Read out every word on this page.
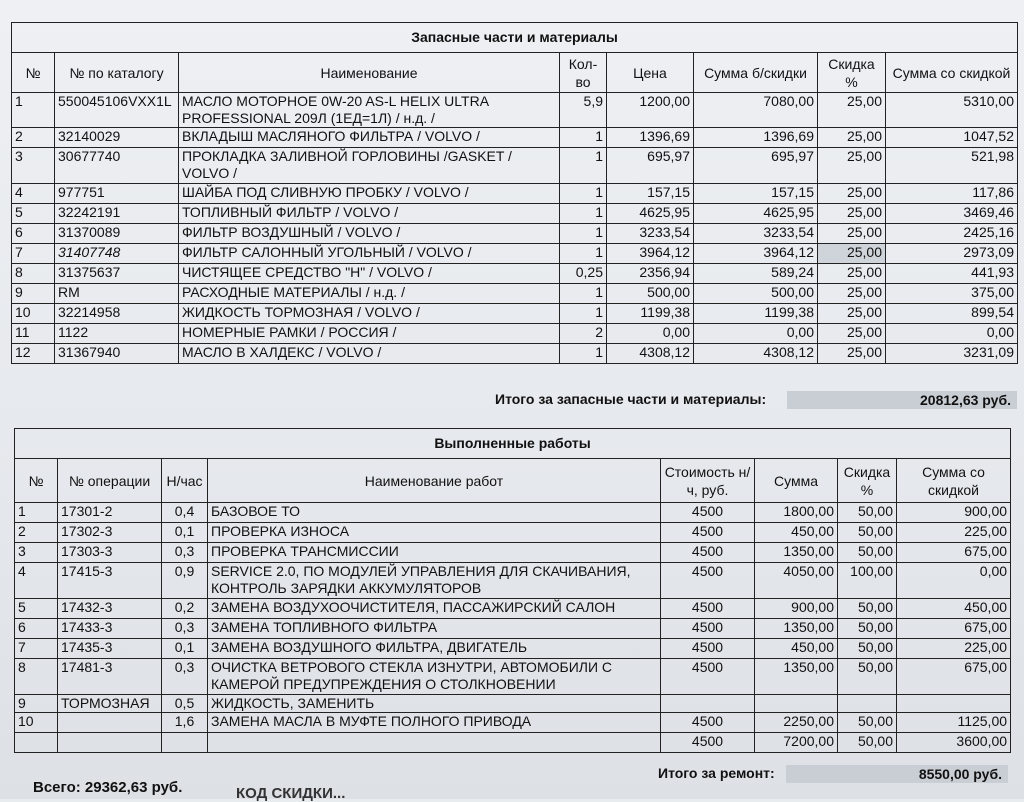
Запасные части и материалы							
№	№ по каталогу	Наименование	Кол-во	Цена	Сумма б/скидки	Скидка %	Сумма со скидкой
1	550045106VXX1L	МАСЛО МОТОРНОЕ 0W-20 AS-L HELIX ULTRA PROFESSIONAL 209Л (1ЕД=1Л) / н.д. /	5,9	1200,00	7080,00	25,00	5310,00
2	32140029	ВКЛАДЫШ МАСЛЯНОГО ФИЛЬТРА / VOLVO /	1	1396,69	1396,69	25,00	1047,52
3	30677740	ПРОКЛАДКА ЗАЛИВНОЙ ГОРЛОВИНЫ /GASKET / VOLVO /	1	695,97	695,97	25,00	521,98
4	977751	ШАЙБА ПОД СЛИВНУЮ ПРОБКУ / VOLVO /	1	157,15	157,15	25,00	117,86
5	32242191	ТОПЛИВНЫЙ ФИЛЬТР / VOLVO /	1	4625,95	4625,95	25,00	3469,46
6	31370089	ФИЛЬТР ВОЗДУШНЫЙ / VOLVO /	1	3233,54	3233,54	25,00	2425,16
7	31407748	ФИЛЬТР САЛОННЫЙ УГОЛЬНЫЙ / VOLVO /	1	3964,12	3964,12	25,00	2973,09
8	31375637	ЧИСТЯЩЕЕ СРЕДСТВО "Н" / VOLVO /	0,25	2356,94	589,24	25,00	441,93
9	RM	РАСХОДНЫЕ МАТЕРИАЛЫ / н.д. /	1	500,00	500,00	25,00	375,00
10	32214958	ЖИДКОСТЬ ТОРМОЗНАЯ / VOLVO /	1	1199,38	1199,38	25,00	899,54
11	1122	НОМЕРНЫЕ РАМКИ / РОССИЯ /	2	0,00	0,00	25,00	0,00
12	31367940	МАСЛО В ХАЛДЕКС / VOLVO /	1	4308,12	4308,12	25,00	3231,09
Итого за запасные части и материалы:	20812,63 руб.
Выполненные работы							
№	№ операции	Н/час	Наименование работ	Стоимость н/ч, руб.	Сумма	Скидка %	Сумма со скидкой
1	17301-2	0,4	БАЗОВОЕ ТО	4500	1800,00	50,00	900,00
2	17302-3	0,1	ПРОВЕРКА ИЗНОСА	4500	450,00	50,00	225,00
3	17303-3	0,3	ПРОВЕРКА ТРАНСМИССИИ	4500	1350,00	50,00	675,00
4	17415-3	0,9	SERVICE 2.0, ПО МОДУЛЕЙ УПРАВЛЕНИЯ ДЛЯ СКАЧИВАНИЯ, КОНТРОЛЬ ЗАРЯДКИ АККУМУЛЯТОРОВ	4500	4050,00	100,00	0,00
5	17432-3	0,2	ЗАМЕНА ВОЗДУХООЧИСТИТЕЛЯ, ПАССАЖИРСКИЙ САЛОН	4500	900,00	50,00	450,00
6	17433-3	0,3	ЗАМЕНА ТОПЛИВНОГО ФИЛЬТРА	4500	1350,00	50,00	675,00
7	17435-3	0,1	ЗАМЕНА ВОЗДУШНОГО ФИЛЬТРА, ДВИГАТЕЛЬ	4500	450,00	50,00	225,00
8	17481-3	0,3	ОЧИСТКА ВЕТРОВОГО СТЕКЛА ИЗНУТРИ, АВТОМОБИЛИ С КАМЕРОЙ ПРЕДУПРЕЖДЕНИЯ О СТОЛКНОВЕНИИ	4500	1350,00	50,00	675,00
9	ТОРМОЗНАЯ	0,5	ЖИДКОСТЬ, ЗАМЕНИТЬ				
10		1,6	ЗАМЕНА МАСЛА В МУФТЕ ПОЛНОГО ПРИВОДА	4500	2250,00	50,00	1125,00
				4500	7200,00	50,00	3600,00
Итого за ремонт:	8550,00 руб.
Всего: 29362,63 руб.	КОД СКИДКИ...
